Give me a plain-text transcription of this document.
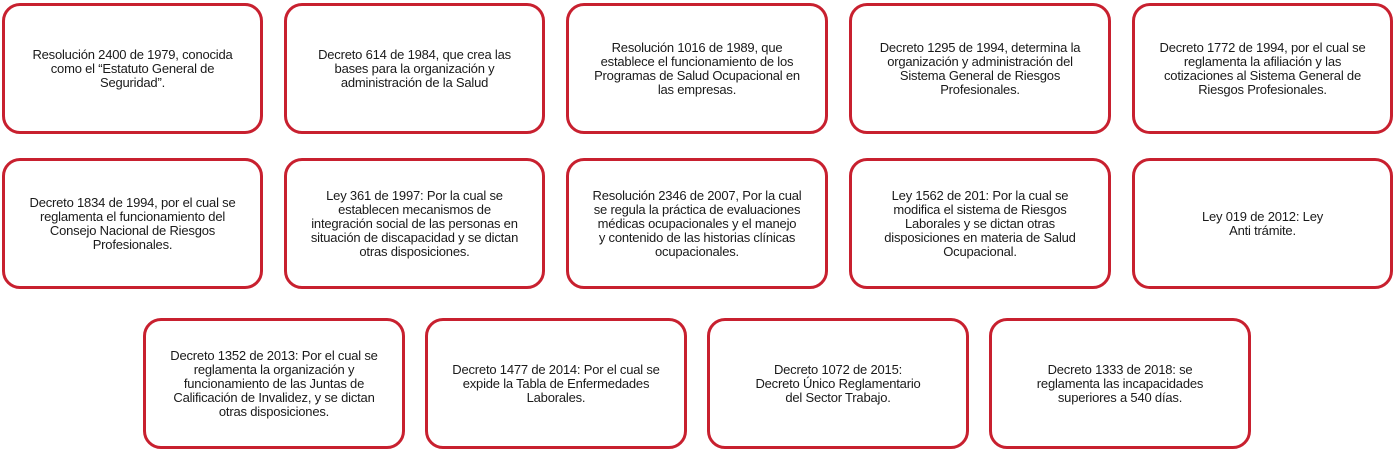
Resolución 2400 de 1979, conocida
como el “Estatuto General de
Seguridad”.
Decreto 614 de 1984, que crea las
bases para la organización y
administración de la Salud
Resolución 1016 de 1989, que
establece el funcionamiento de los
Programas de Salud Ocupacional en
las empresas.
Decreto 1295 de 1994, determina la
organización y administración del
Sistema General de Riesgos
Profesionales.
Decreto 1772 de 1994, por el cual se
reglamenta la afiliación y las
cotizaciones al Sistema General de
Riesgos Profesionales.
Decreto 1834 de 1994, por el cual se
reglamenta el funcionamiento del
Consejo Nacional de Riesgos
Profesionales.
Ley 361 de 1997: Por la cual se
establecen mecanismos de
integración social de las personas en
situación de discapacidad y se dictan
otras disposiciones.
Resolución 2346 de 2007, Por la cual
se regula la práctica de evaluaciones
médicas ocupacionales y el manejo
y contenido de las historias clínicas
ocupacionales.
Ley 1562 de 201: Por la cual se
modifica el sistema de Riesgos
Laborales y se dictan otras
disposiciones en materia de Salud
Ocupacional.
Ley 019 de 2012: Ley
Anti trámite.
Decreto 1352 de 2013: Por el cual se
reglamenta la organización y
funcionamiento de las Juntas de
Calificación de Invalidez, y se dictan
otras disposiciones.
Decreto 1477 de 2014: Por el cual se
expide la Tabla de Enfermedades
Laborales.
Decreto 1072 de 2015:
Decreto Único Reglamentario
del Sector Trabajo.
Decreto 1333 de 2018: se
reglamenta las incapacidades
superiores a 540 días.
